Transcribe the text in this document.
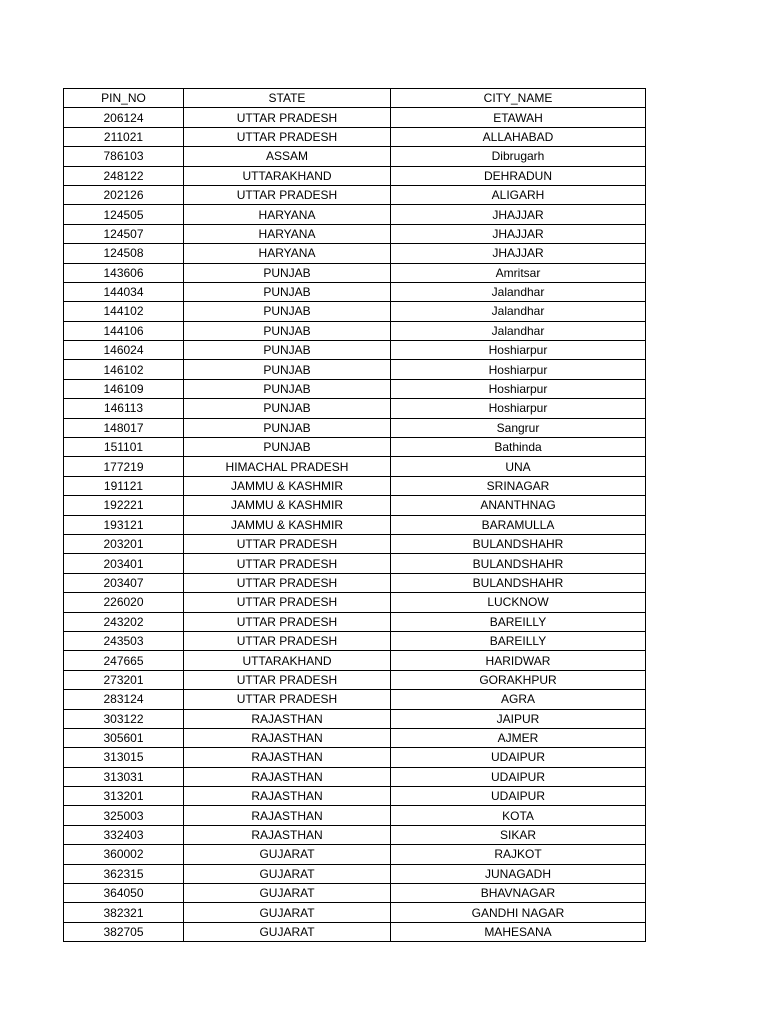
PIN_NO	STATE	CITY_NAME
206124	UTTAR PRADESH	ETAWAH
211021	UTTAR PRADESH	ALLAHABAD
786103	ASSAM	Dibrugarh
248122	UTTARAKHAND	DEHRADUN
202126	UTTAR PRADESH	ALIGARH
124505	HARYANA	JHAJJAR
124507	HARYANA	JHAJJAR
124508	HARYANA	JHAJJAR
143606	PUNJAB	Amritsar
144034	PUNJAB	Jalandhar
144102	PUNJAB	Jalandhar
144106	PUNJAB	Jalandhar
146024	PUNJAB	Hoshiarpur
146102	PUNJAB	Hoshiarpur
146109	PUNJAB	Hoshiarpur
146113	PUNJAB	Hoshiarpur
148017	PUNJAB	Sangrur
151101	PUNJAB	Bathinda
177219	HIMACHAL PRADESH	UNA
191121	JAMMU & KASHMIR	SRINAGAR
192221	JAMMU & KASHMIR	ANANTHNAG
193121	JAMMU & KASHMIR	BARAMULLA
203201	UTTAR PRADESH	BULANDSHAHR
203401	UTTAR PRADESH	BULANDSHAHR
203407	UTTAR PRADESH	BULANDSHAHR
226020	UTTAR PRADESH	LUCKNOW
243202	UTTAR PRADESH	BAREILLY
243503	UTTAR PRADESH	BAREILLY
247665	UTTARAKHAND	HARIDWAR
273201	UTTAR PRADESH	GORAKHPUR
283124	UTTAR PRADESH	AGRA
303122	RAJASTHAN	JAIPUR
305601	RAJASTHAN	AJMER
313015	RAJASTHAN	UDAIPUR
313031	RAJASTHAN	UDAIPUR
313201	RAJASTHAN	UDAIPUR
325003	RAJASTHAN	KOTA
332403	RAJASTHAN	SIKAR
360002	GUJARAT	RAJKOT
362315	GUJARAT	JUNAGADH
364050	GUJARAT	BHAVNAGAR
382321	GUJARAT	GANDHI NAGAR
382705	GUJARAT	MAHESANA
